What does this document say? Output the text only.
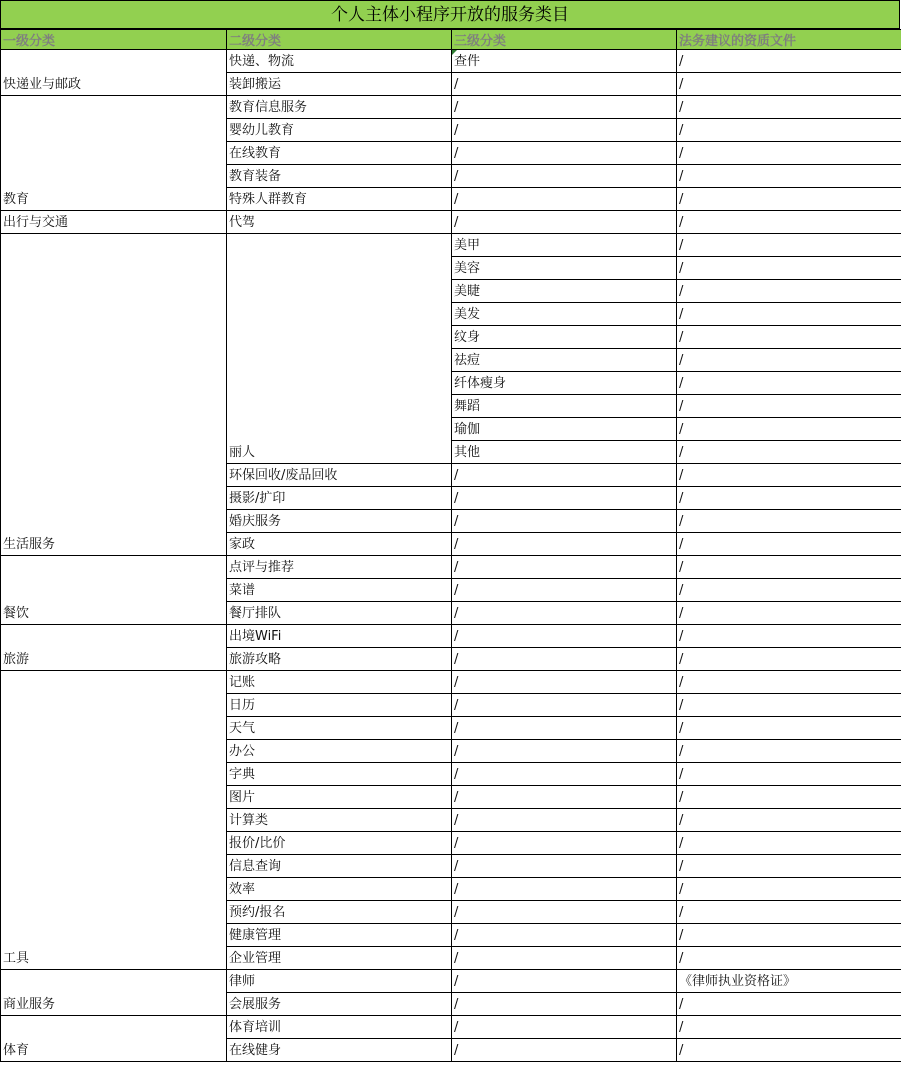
个人主体小程序开放的服务类目
一级分类	二级分类	三级分类	法务建议的资质文件
快递业与邮政	快递、物流	查件	/
	装卸搬运	/	/
教育	教育信息服务	/	/
	婴幼儿教育	/	/
	在线教育	/	/
	教育装备	/	/
	特殊人群教育	/	/
出行与交通	代驾	/	/
生活服务	丽人	美甲	/
		美容	/
		美睫	/
		美发	/
		纹身	/
		祛痘	/
		纤体瘦身	/
		舞蹈	/
		瑜伽	/
		其他	/
	环保回收/废品回收	/	/
	摄影/扩印	/	/
	婚庆服务	/	/
	家政	/	/
餐饮	点评与推荐	/	/
	菜谱	/	/
	餐厅排队	/	/
旅游	出境WiFi	/	/
	旅游攻略	/	/
工具	记账	/	/
	日历	/	/
	天气	/	/
	办公	/	/
	字典	/	/
	图片	/	/
	计算类	/	/
	报价/比价	/	/
	信息查询	/	/
	效率	/	/
	预约/报名	/	/
	健康管理	/	/
	企业管理	/	/
商业服务	律师	/	《律师执业资格证》
	会展服务	/	/
体育	体育培训	/	/
	在线健身	/	/
